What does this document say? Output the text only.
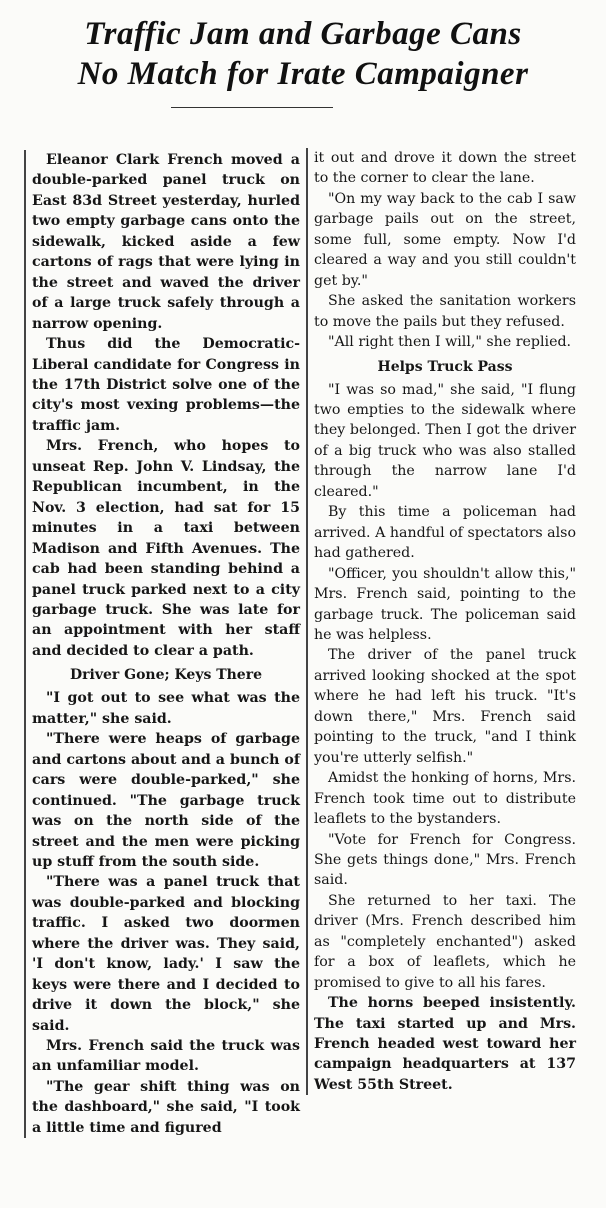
Traffic Jam and Garbage Cans
No Match for Irate Campaigner

Eleanor Clark French moved a double-parked panel truck on East 83d Street yesterday, hurled two empty garbage cans onto the sidewalk, kicked aside a few cartons of rags that were lying in the street and waved the driver of a large truck safely through a narrow opening.

Thus did the Democratic-Liberal candidate for Congress in the 17th District solve one of the city's most vexing problems—the traffic jam.

Mrs. French, who hopes to unseat Rep. John V. Lindsay, the Republican incumbent, in the Nov. 3 election, had sat for 15 minutes in a taxi between Madison and Fifth Avenues. The cab had been standing behind a panel truck parked next to a city garbage truck. She was late for an appointment with her staff and decided to clear a path.

Driver Gone; Keys There

"I got out to see what was the matter," she said.

"There were heaps of garbage and cartons about and a bunch of cars were double-parked," she continued. "The garbage truck was on the north side of the street and the men were picking up stuff from the south side.

"There was a panel truck that was double-parked and blocking traffic. I asked two doormen where the driver was. They said, 'I don't know, lady.' I saw the keys were there and I decided to drive it down the block," she said.

Mrs. French said the truck was an unfamiliar model.

"The gear shift thing was on the dashboard," she said, "I took a little time and figured

it out and drove it down the street to the corner to clear the lane.

"On my way back to the cab I saw garbage pails out on the street, some full, some empty. Now I'd cleared a way and you still couldn't get by."

She asked the sanitation workers to move the pails but they refused.

"All right then I will," she replied.

Helps Truck Pass

"I was so mad," she said, "I flung two empties to the sidewalk where they belonged. Then I got the driver of a big truck who was also stalled through the narrow lane I'd cleared."

By this time a policeman had arrived. A handful of spectators also had gathered.

"Officer, you shouldn't allow this," Mrs. French said, pointing to the garbage truck. The policeman said he was helpless.

The driver of the panel truck arrived looking shocked at the spot where he had left his truck. "It's down there," Mrs. French said pointing to the truck, "and I think you're utterly selfish."

Amidst the honking of horns, Mrs. French took time out to distribute leaflets to the bystanders.

"Vote for French for Congress. She gets things done," Mrs. French said.

She returned to her taxi. The driver (Mrs. French described him as "completely enchanted") asked for a box of leaflets, which he promised to give to all his fares.

The horns beeped insistently. The taxi started up and Mrs. French headed west toward her campaign headquarters at 137 West 55th Street.
